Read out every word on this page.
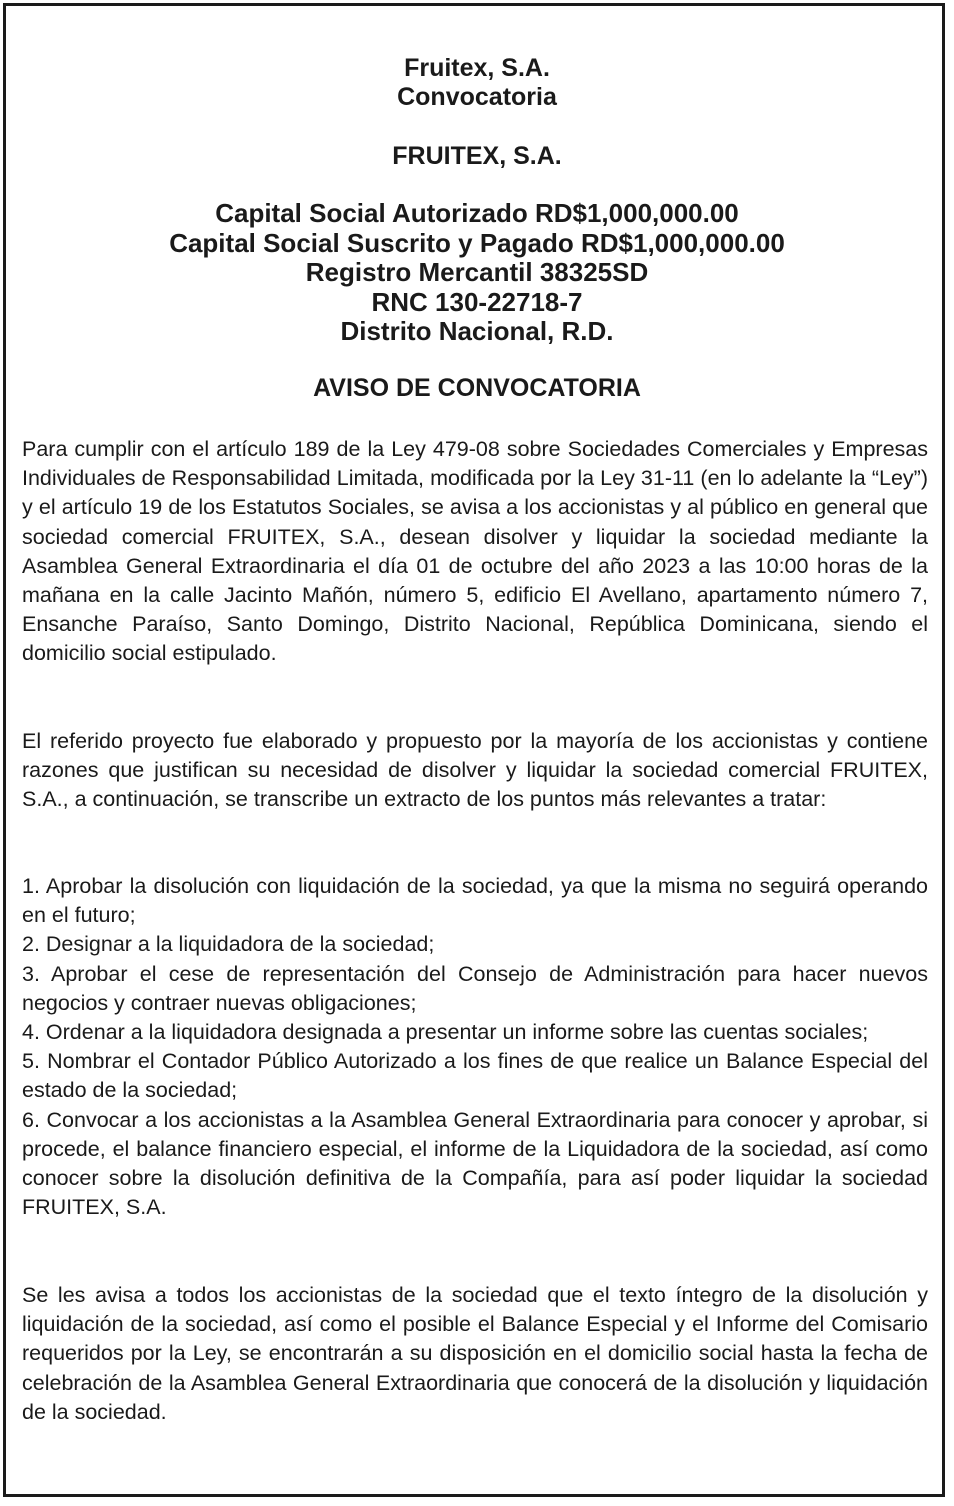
Fruitex, S.A.
Convocatoria
FRUITEX, S.A.
Capital Social Autorizado RD$1,000,000.00
Capital Social Suscrito y Pagado RD$1,000,000.00
Registro Mercantil 38325SD
RNC 130-22718-7
Distrito Nacional, R.D.
AVISO DE CONVOCATORIA
Para cumplir con el artículo 189 de la Ley 479-08 sobre Sociedades Comerciales y Empresas Individuales de Responsabilidad Limitada, modificada por la Ley 31-11 (en lo adelante la “Ley”) y el artículo 19 de los Estatutos Sociales, se avisa a los accionistas y al público en general que sociedad comercial FRUITEX, S.A., desean disolver y liquidar la sociedad mediante la Asamblea General Extraordinaria el día 01 de octubre del año 2023 a las 10:00 horas de la mañana en la calle Jacinto Mañón, número 5, edificio El Avellano, apartamento número 7, Ensanche Paraíso, Santo Domingo, Distrito Nacional, República Dominicana, siendo el domicilio social estipulado.
El referido proyecto fue elaborado y propuesto por la mayoría de los accionistas y contiene razones que justifican su necesidad de disolver y liquidar la sociedad comercial FRUITEX, S.A., a continuación, se transcribe un extracto de los puntos más relevantes a tratar:
1. Aprobar la disolución con liquidación de la sociedad, ya que la misma no seguirá operando en el futuro;
2. Designar a la liquidadora de la sociedad;
3. Aprobar el cese de representación del Consejo de Administración para hacer nuevos negocios y contraer nuevas obligaciones;
4. Ordenar a la liquidadora designada a presentar un informe sobre las cuentas sociales;
5. Nombrar el Contador Público Autorizado a los fines de que realice un Balance Especial del estado de la sociedad;
6. Convocar a los accionistas a la Asamblea General Extraordinaria para conocer y aprobar, si procede, el balance financiero especial, el informe de la Liquidadora de la sociedad, así como conocer sobre la disolución definitiva de la Compañía, para así poder liquidar la sociedad FRUITEX, S.A.
Se les avisa a todos los accionistas de la sociedad que el texto íntegro de la disolución y liquidación de la sociedad, así como el posible el Balance Especial y el Informe del Comisario requeridos por la Ley, se encontrarán a su disposición en el domicilio social hasta la fecha de celebración de la Asamblea General Extraordinaria que conocerá de la disolución y liquidación de la sociedad.
